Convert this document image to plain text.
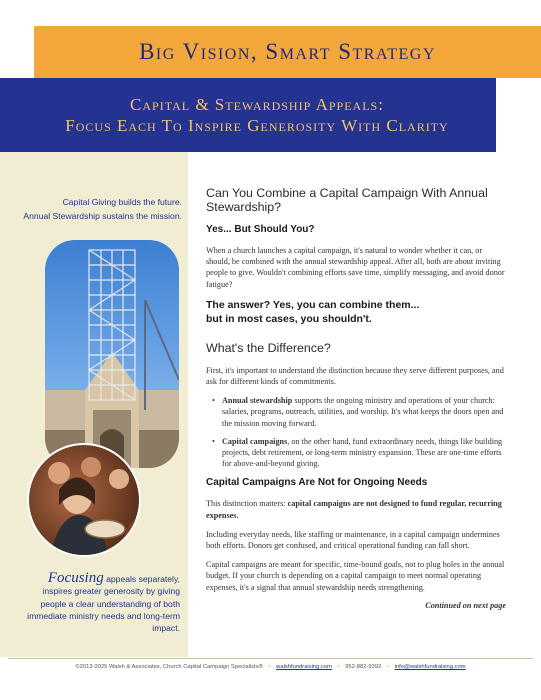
Big Vision, Smart Strategy
Capital & Stewardship Appeals:
Focus Each To Inspire Generosity With Clarity
Capital Giving builds the future.
Annual Stewardship sustains the mission.
Focusing appeals separately, inspires greater generosity by giving people a clear understanding of both immediate ministry needs and long-term impact.
Can You Combine a Capital Campaign With Annual Stewardship?
Yes... But Should You?
When a church launches a capital campaign, it's natural to wonder whether it can, or should, be combined with the annual stewardship appeal. After all, both are about inviting people to give. Wouldn't combining efforts save time, simplify messaging, and avoid donor fatigue?
The answer? Yes, you can combine them...
but in most cases, you shouldn't.
What's the Difference?
First, it's important to understand the distinction because they serve different purposes, and ask for different kinds of commitments.
• Annual stewardship supports the ongoing ministry and operations of your church: salaries, programs, outreach, utilities, and worship. It's what keeps the doors open and the mission moving forward.
• Capital campaigns, on the other hand, fund extraordinary needs, things like building projects, debt retirement, or long-term ministry expansion. These are one-time efforts for above-and-beyond giving.
Capital Campaigns Are Not for Ongoing Needs
This distinction matters: capital campaigns are not designed to fund regular, recurring expenses.
Including everyday needs, like staffing or maintenance, in a capital campaign undermines both efforts. Donors get confused, and critical operational funding can fall short.
Capital campaigns are meant for specific, time-bound goals, not to plug holes in the annual budget. If your church is depending on a capital campaign to meet normal operating expenses, it's a signal that annual stewardship needs strengthening.
Continued on next page
©2013-2025 Walsh & Associates, Church Capital Campaign Specialists® • walshfundraising.com • 952-882-9392 • info@walshfundraising.com
